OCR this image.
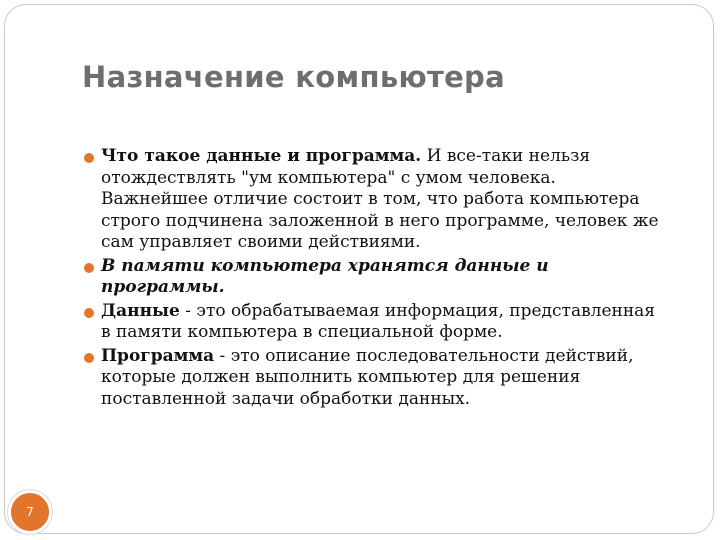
Назначение компьютера
Что такое данные и программа. И все-таки нельзя отождествлять "ум компьютера" с умом человека. Важнейшее отличие состоит в том, что работа компьютера строго подчинена заложенной в него программе, человек же сам управляет своими действиями.
В памяти компьютера хранятся данные и программы.
Данные - это обрабатываемая информация, представленная в памяти компьютера в специальной форме.
Программа - это описание последовательности действий, которые должен выполнить компьютер для решения поставленной задачи обработки данных.
7
